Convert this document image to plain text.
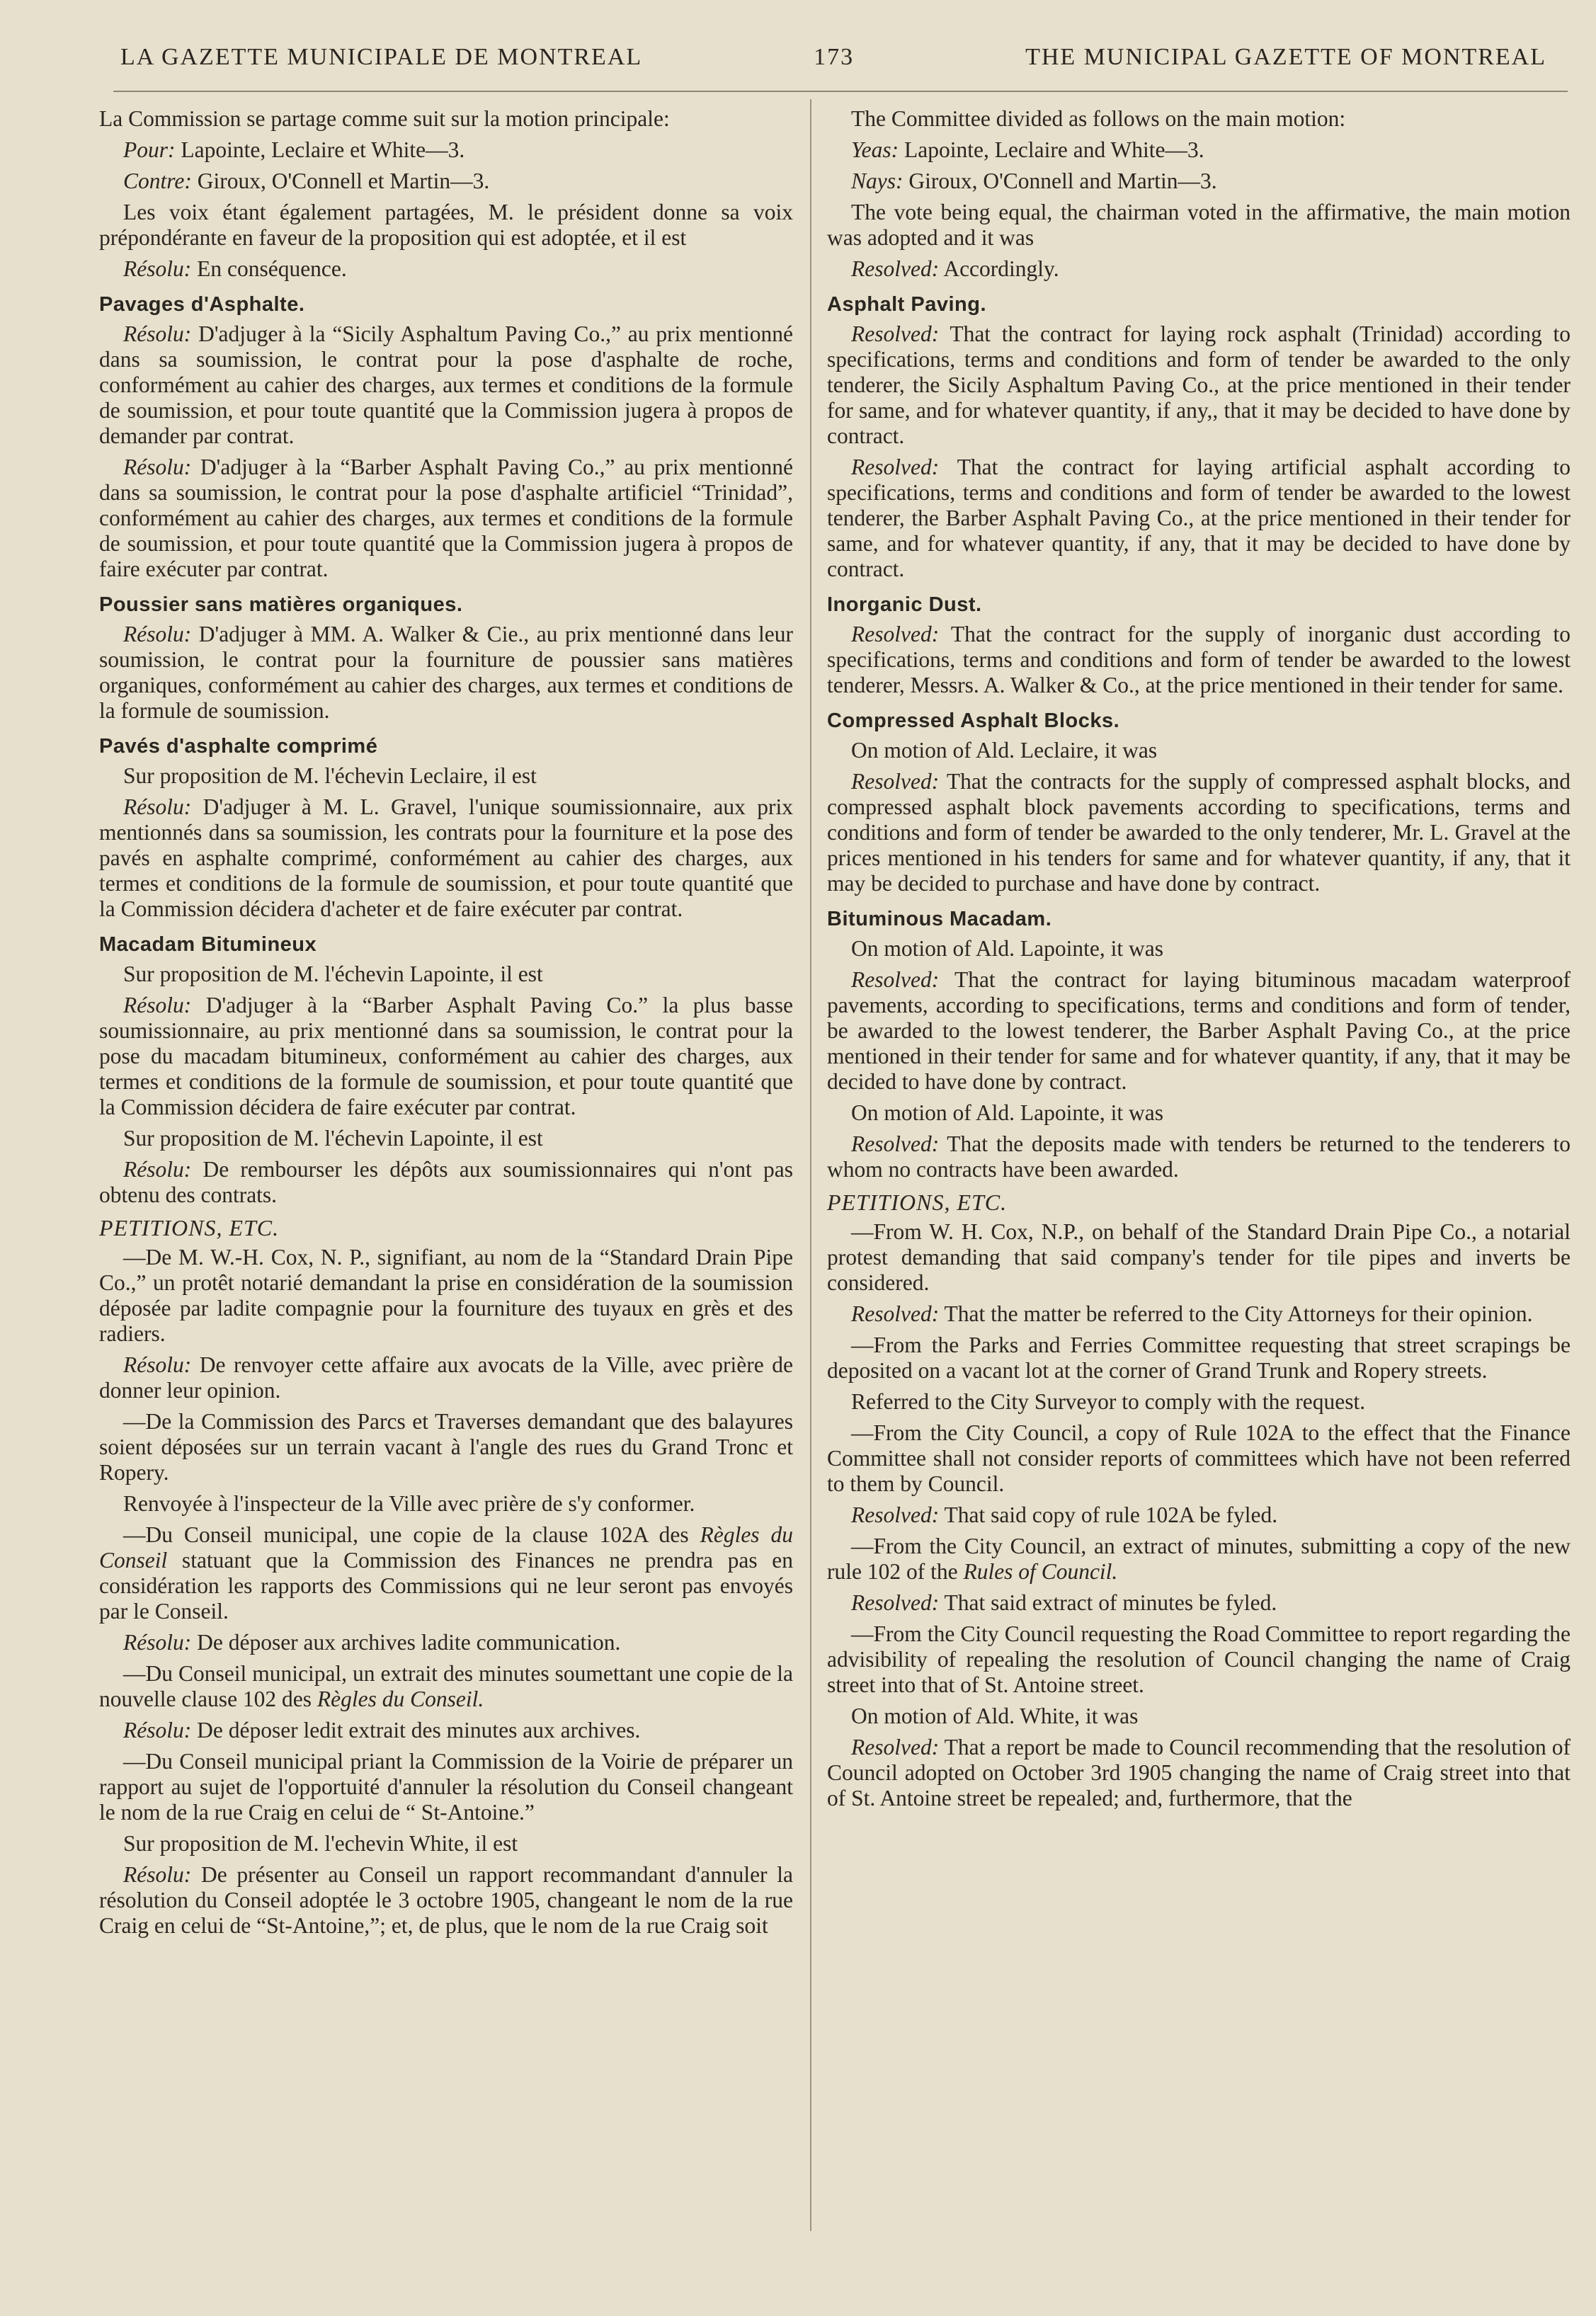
LA GAZETTE MUNICIPALE DE MONTREAL	173	THE MUNICIPAL GAZETTE OF MONTREAL

La Commission se partage comme suit sur la motion principale:

Pour: Lapointe, Leclaire et White—3.

Contre: Giroux, O'Connell et Martin—3.

Les voix étant également partagées, M. le président donne sa voix prépondérante en faveur de la proposition qui est adoptée, et il est

Résolu: En conséquence.

Pavages d'Asphalte.

Résolu: D'adjuger à la “Sicily Asphaltum Paving Co.,” au prix mentionné dans sa soumission, le contrat pour la pose d'asphalte de roche, conformément au cahier des charges, aux termes et conditions de la formule de soumission, et pour toute quantité que la Commission jugera à propos de demander par contrat.

Résolu: D'adjuger à la “Barber Asphalt Paving Co.,” au prix mentionné dans sa soumission, le contrat pour la pose d'asphalte artificiel “Trinidad”, conformément au cahier des charges, aux termes et conditions de la formule de soumission, et pour toute quantité que la Commission jugera à propos de faire exécuter par contrat.

Poussier sans matières organiques.

Résolu: D'adjuger à MM. A. Walker & Cie., au prix mentionné dans leur soumission, le contrat pour la fourniture de poussier sans matières organiques, conformément au cahier des charges, aux termes et conditions de la formule de soumission.

Pavés d'asphalte comprimé

Sur proposition de M. l'échevin Leclaire, il est

Résolu: D'adjuger à M. L. Gravel, l'unique soumissionnaire, aux prix mentionnés dans sa soumission, les contrats pour la fourniture et la pose des pavés en asphalte comprimé, conformément au cahier des charges, aux termes et conditions de la formule de soumission, et pour toute quantité que la Commission décidera d'acheter et de faire exécuter par contrat.

Macadam Bitumineux

Sur proposition de M. l'échevin Lapointe, il est

Résolu: D'adjuger à la “Barber Asphalt Paving Co.” la plus basse soumissionnaire, au prix mentionné dans sa soumission, le contrat pour la pose du macadam bitumineux, conformément au cahier des charges, aux termes et conditions de la formule de soumission, et pour toute quantité que la Commission décidera de faire exécuter par contrat.

Sur proposition de M. l'échevin Lapointe, il est

Résolu: De rembourser les dépôts aux soumissionnaires qui n'ont pas obtenu des contrats.

PETITIONS, ETC.

—De M. W.-H. Cox, N. P., signifiant, au nom de la “Standard Drain Pipe Co.,” un protêt notarié demandant la prise en considération de la soumission déposée par ladite compagnie pour la fourniture des tuyaux en grès et des radiers.

Résolu: De renvoyer cette affaire aux avocats de la Ville, avec prière de donner leur opinion.

—De la Commission des Parcs et Traverses demandant que des balayures soient déposées sur un terrain vacant à l'angle des rues du Grand Tronc et Ropery.

Renvoyée à l'inspecteur de la Ville avec prière de s'y conformer.

—Du Conseil municipal, une copie de la clause 102A des Règles du Conseil statuant que la Commission des Finances ne prendra pas en considération les rapports des Commissions qui ne leur seront pas envoyés par le Conseil.

Résolu: De déposer aux archives ladite communication.

—Du Conseil municipal, un extrait des minutes soumettant une copie de la nouvelle clause 102 des Règles du Conseil.

Résolu: De déposer ledit extrait des minutes aux archives.

—Du Conseil municipal priant la Commission de la Voirie de préparer un rapport au sujet de l'opportuité d'annuler la résolution du Conseil changeant le nom de la rue Craig en celui de “ St-Antoine.”

Sur proposition de M. l'echevin White, il est

Résolu: De présenter au Conseil un rapport recommandant d'annuler la résolution du Conseil adoptée le 3 octobre 1905, changeant le nom de la rue Craig en celui de “St-Antoine,”; et, de plus, que le nom de la rue Craig soit

The Committee divided as follows on the main motion:

Yeas: Lapointe, Leclaire and White—3.

Nays: Giroux, O'Connell and Martin—3.

The vote being equal, the chairman voted in the affirmative, the main motion was adopted and it was

Resolved: Accordingly.

Asphalt Paving.

Resolved: That the contract for laying rock asphalt (Trinidad) according to specifications, terms and conditions and form of tender be awarded to the only tenderer, the Sicily Asphaltum Paving Co., at the price mentioned in their tender for same, and for whatever quantity, if any,, that it may be decided to have done by contract.

Resolved: That the contract for laying artificial asphalt according to specifications, terms and conditions and form of tender be awarded to the lowest tenderer, the Barber Asphalt Paving Co., at the price mentioned in their tender for same, and for whatever quantity, if any, that it may be decided to have done by contract.

Inorganic Dust.

Resolved: That the contract for the supply of inorganic dust according to specifications, terms and conditions and form of tender be awarded to the lowest tenderer, Messrs. A. Walker & Co., at the price mentioned in their tender for same.

Compressed Asphalt Blocks.

On motion of Ald. Leclaire, it was

Resolved: That the contracts for the supply of compressed asphalt blocks, and compressed asphalt block pavements according to specifications, terms and conditions and form of tender be awarded to the only tenderer, Mr. L. Gravel at the prices mentioned in his tenders for same and for whatever quantity, if any, that it may be decided to purchase and have done by contract.

Bituminous Macadam.

On motion of Ald. Lapointe, it was

Resolved: That the contract for laying bituminous macadam waterproof pavements, according to specifications, terms and conditions and form of tender, be awarded to the lowest tenderer, the Barber Asphalt Paving Co., at the price mentioned in their tender for same and for whatever quantity, if any, that it may be decided to have done by contract.

On motion of Ald. Lapointe, it was

Resolved: That the deposits made with tenders be returned to the tenderers to whom no contracts have been awarded.

PETITIONS, ETC.

—From W. H. Cox, N.P., on behalf of the Standard Drain Pipe Co., a notarial protest demanding that said company's tender for tile pipes and inverts be considered.

Resolved: That the matter be referred to the City Attorneys for their opinion.

—From the Parks and Ferries Committee requesting that street scrapings be deposited on a vacant lot at the corner of Grand Trunk and Ropery streets.

Referred to the City Surveyor to comply with the request.

—From the City Council, a copy of Rule 102A to the effect that the Finance Committee shall not consider reports of committees which have not been referred to them by Council.

Resolved: That said copy of rule 102A be fyled.

—From the City Council, an extract of minutes, submitting a copy of the new rule 102 of the Rules of Council.

Resolved: That said extract of minutes be fyled.

—From the City Council requesting the Road Committee to report regarding the advisibility of repealing the resolution of Council changing the name of Craig street into that of St. Antoine street.

On motion of Ald. White, it was

Resolved: That a report be made to Council recommending that the resolution of Council adopted on October 3rd 1905 changing the name of Craig street into that of St. Antoine street be repealed; and, furthermore, that the
